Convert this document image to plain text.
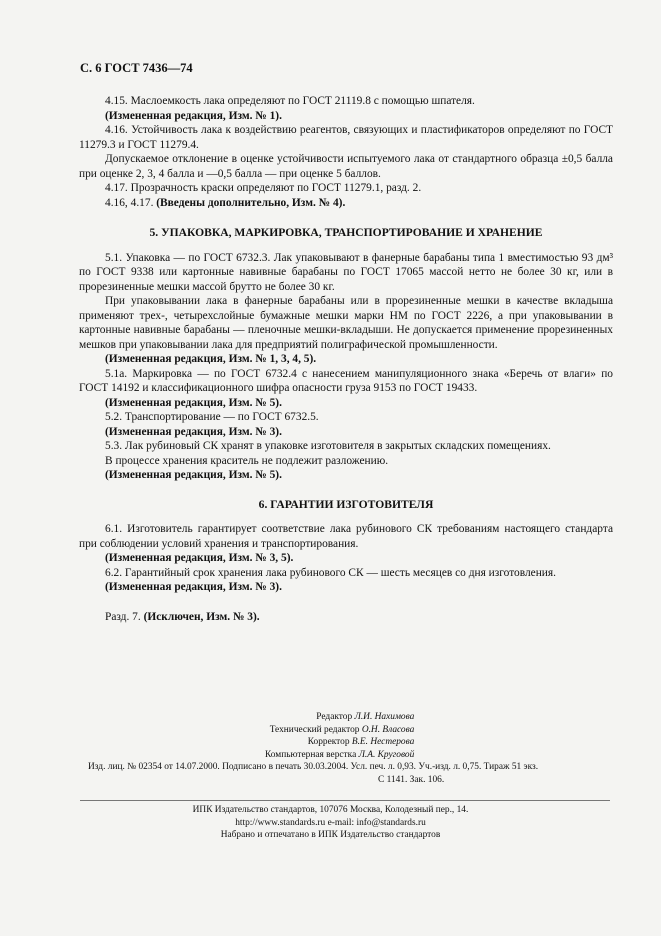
С. 6 ГОСТ 7436—74

4.15. Маслоемкость лака определяют по ГОСТ 21119.8 с помощью шпателя.

(Измененная редакция, Изм. № 1).

4.16. Устойчивость лака к воздействию реагентов, связующих и пластификаторов определяют по ГОСТ 11279.3 и ГОСТ 11279.4.

Допускаемое отклонение в оценке устойчивости испытуемого лака от стандартного образца ±0,5 балла при оценке 2, 3, 4 балла и —0,5 балла — при оценке 5 баллов.

4.17. Прозрачность краски определяют по ГОСТ 11279.1, разд. 2.

4.16, 4.17. (Введены дополнительно, Изм. № 4).

5. УПАКОВКА, МАРКИРОВКА, ТРАНСПОРТИРОВАНИЕ И ХРАНЕНИЕ

5.1. Упаковка — по ГОСТ 6732.3. Лак упаковывают в фанерные барабаны типа 1 вместимостью 93 дм³ по ГОСТ 9338 или картонные навивные барабаны по ГОСТ 17065 массой нетто не более 30 кг, или в прорезиненные мешки массой брутто не более 30 кг.

При упаковывании лака в фанерные барабаны или в прорезиненные мешки в качестве вкладыша применяют трех-, четырехслойные бумажные мешки марки НМ по ГОСТ 2226, а при упаковывании в картонные навивные барабаны — пленочные мешки-вкладыши. Не допускается применение прорезиненных мешков при упаковывании лака для предприятий полиграфической промышленности.

(Измененная редакция, Изм. № 1, 3, 4, 5).

5.1а. Маркировка — по ГОСТ 6732.4 с нанесением манипуляционного знака «Беречь от влаги» по ГОСТ 14192 и классификационного шифра опасности груза 9153 по ГОСТ 19433.

(Измененная редакция, Изм. № 5).

5.2. Транспортирование — по ГОСТ 6732.5.

(Измененная редакция, Изм. № 3).

5.3. Лак рубиновый СК хранят в упаковке изготовителя в закрытых складских помещениях.

В процессе хранения краситель не подлежит разложению.

(Измененная редакция, Изм. № 5).

6. ГАРАНТИИ ИЗГОТОВИТЕЛЯ

6.1. Изготовитель гарантирует соответствие лака рубинового СК требованиям настоящего стандарта при соблюдении условий хранения и транспортирования.

(Измененная редакция, Изм. № 3, 5).

6.2. Гарантийный срок хранения лака рубинового СК — шесть месяцев со дня изготовления.

(Измененная редакция, Изм. № 3).

Разд. 7. (Исключен, Изм. № 3).

Редактор Л.И. Нахимова
Технический редактор О.Н. Власова
Корректор В.Е. Нестерова
Компьютерная верстка Л.А. Круговой
Изд. лиц. № 02354 от 14.07.2000. Подписано в печать 30.03.2004. Усл. печ. л. 0,93. Уч.-изд. л. 0,75. Тираж 51 экз.
С 1141. Зак. 106.
ИПК Издательство стандартов, 107076 Москва, Колодезный пер., 14.
http://www.standards.ru e-mail: info@standards.ru
Набрано и отпечатано в ИПК Издательство стандартов
